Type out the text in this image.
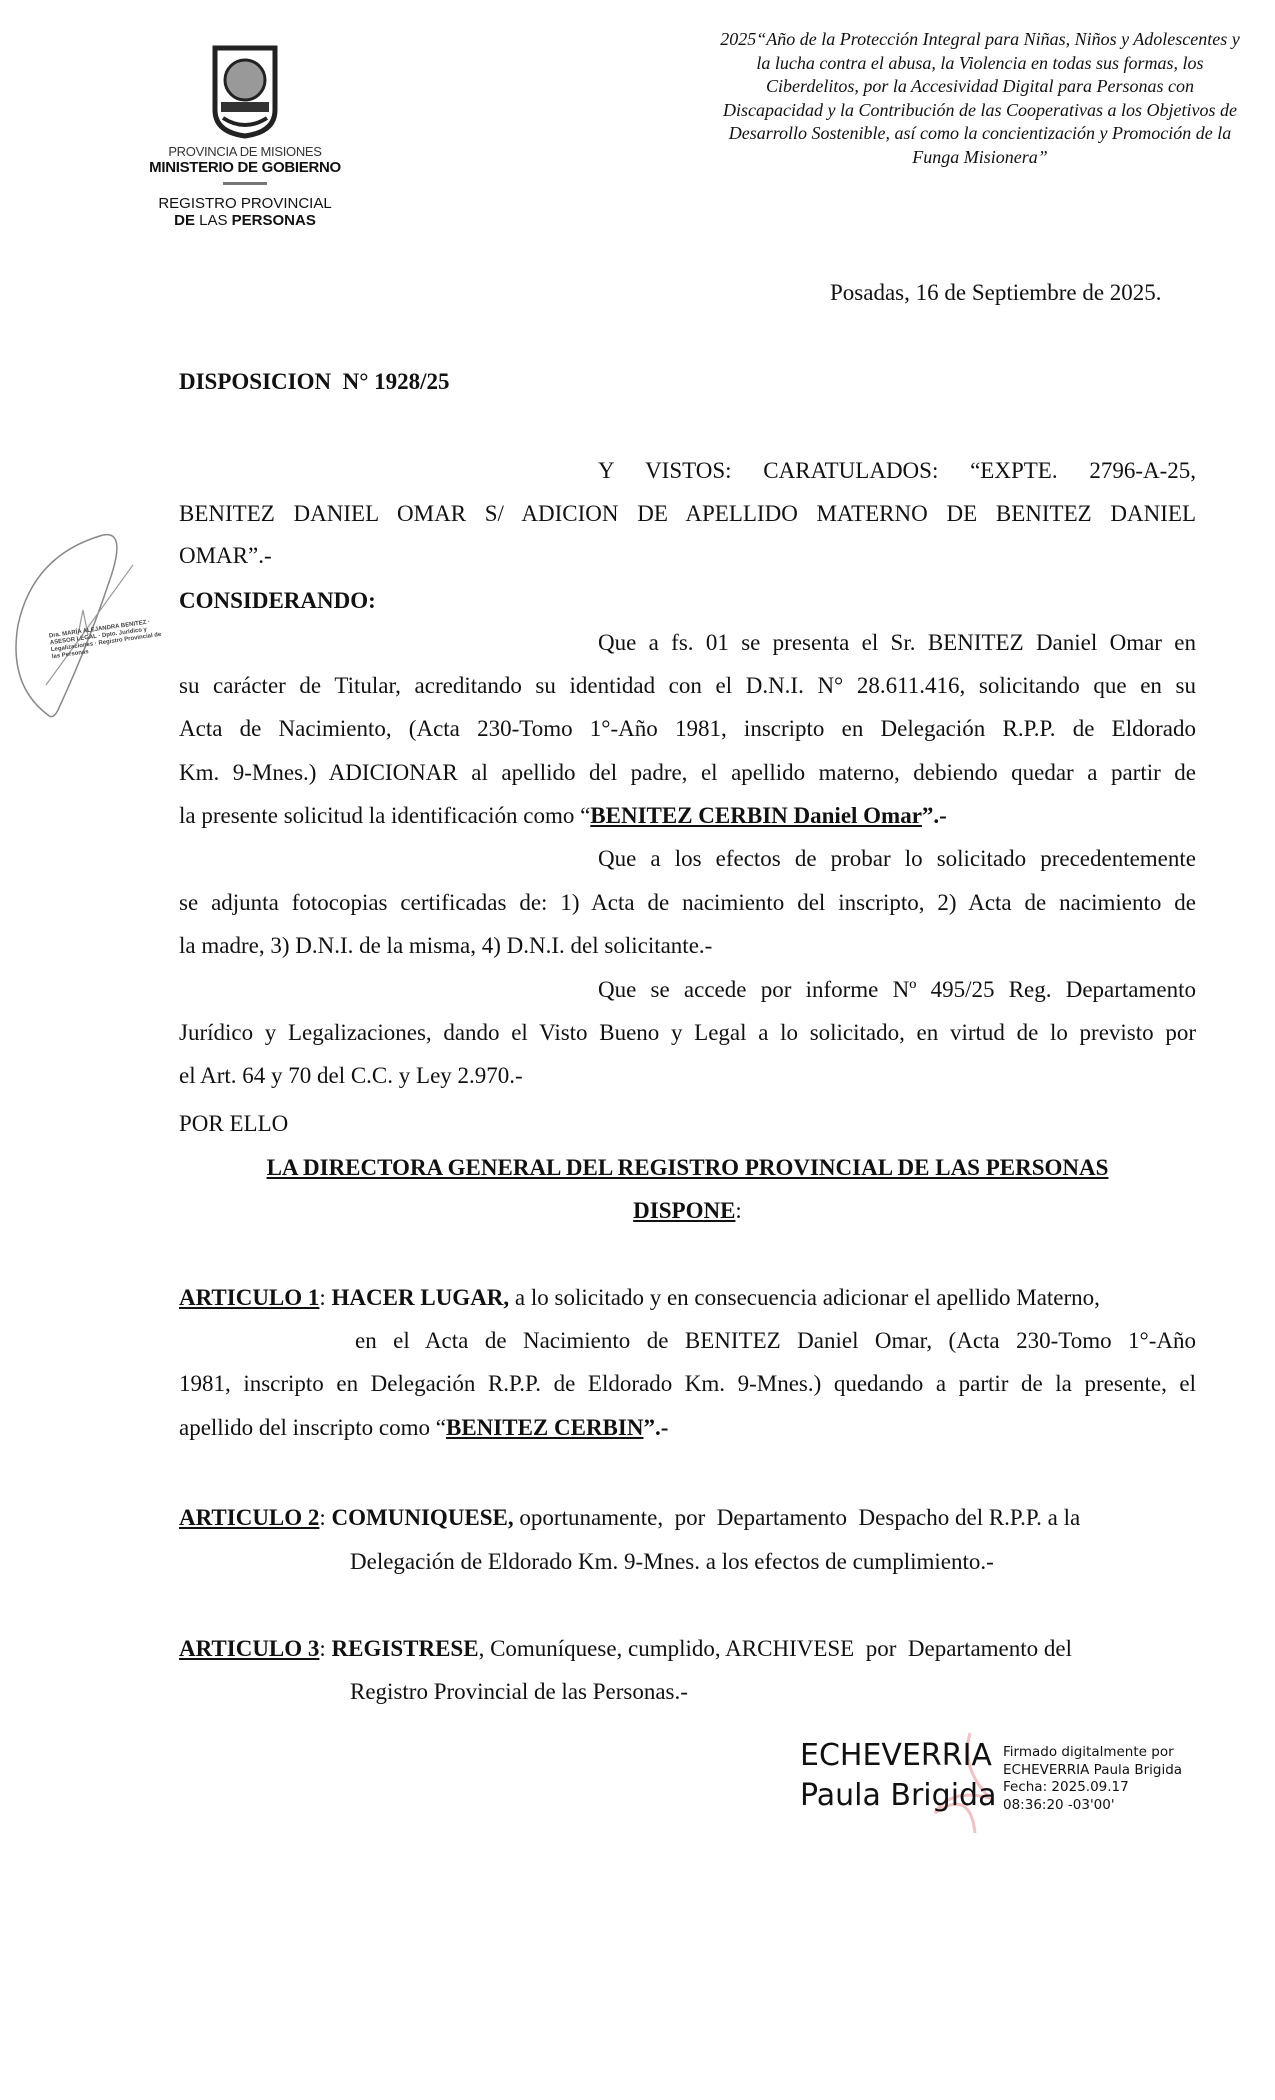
PROVINCIA DE MISIONES
MINISTERIO DE GOBIERNO
REGISTRO PROVINCIAL
DE LAS PERSONAS
2025“Año de la Protección Integral para Niñas, Niños y Adolescentes y la lucha contra el abusa, la Violencia en todas sus formas, los Ciberdelitos, por la Accesividad Digital para Personas con Discapacidad y la Contribución de las Cooperativas a los Objetivos de Desarrollo Sostenible, así como la concientización y Promoción de la Funga Misionera”
Posadas, 16 de Septiembre de 2025.
DISPOSICION  N° 1928/25
Y VISTOS: CARATULADOS: “EXPTE. 2796-A-25,
BENITEZ DANIEL OMAR S/ ADICION DE APELLIDO MATERNO DE BENITEZ DANIEL
OMAR”.-
Dra. MARÍA ALEJANDRA BENITEZ · ASESOR LEGAL · Dpto. Jurídico y Legalizaciones · Registro Provincial de las Personas
CONSIDERANDO:
Que a fs. 01 se presenta el Sr. BENITEZ Daniel Omar en
su carácter de Titular, acreditando su identidad con el D.N.I. N° 28.611.416, solicitando que en su
Acta de Nacimiento, (Acta 230-Tomo 1°-Año 1981, inscripto en Delegación R.P.P. de Eldorado
Km. 9-Mnes.) ADICIONAR al apellido del padre, el apellido materno, debiendo quedar a partir de
la presente solicitud la identificación como “BENITEZ CERBIN Daniel Omar”.-
Que a los efectos de probar lo solicitado precedentemente
se adjunta fotocopias certificadas de: 1) Acta de nacimiento del inscripto, 2) Acta de nacimiento de
la madre, 3) D.N.I. de la misma, 4) D.N.I. del solicitante.-
Que se accede por informe Nº 495/25 Reg. Departamento
Jurídico y Legalizaciones, dando el Visto Bueno y Legal a lo solicitado, en virtud de lo previsto por
el Art. 64 y 70 del C.C. y Ley 2.970.-
POR ELLO
LA DIRECTORA GENERAL DEL REGISTRO PROVINCIAL DE LAS PERSONAS
DISPONE:
ARTICULO 1: HACER LUGAR, a lo solicitado y en consecuencia adicionar el apellido Materno,
en el Acta de Nacimiento de BENITEZ Daniel Omar, (Acta 230-Tomo 1°-Año
1981, inscripto en Delegación R.P.P. de Eldorado Km. 9-Mnes.) quedando a partir de la presente, el
apellido del inscripto como “BENITEZ CERBIN”.-
ARTICULO 2: COMUNIQUESE, oportunamente,  por  Departamento  Despacho del R.P.P. a la
Delegación de Eldorado Km. 9-Mnes. a los efectos de cumplimiento.-
ARTICULO 3: REGISTRESE, Comuníquese, cumplido, ARCHIVESE  por  Departamento del
Registro Provincial de las Personas.-
ECHEVERRIA
Paula Brigida
Firmado digitalmente por
ECHEVERRIA Paula Brigida
Fecha: 2025.09.17
08:36:20 -03'00'
